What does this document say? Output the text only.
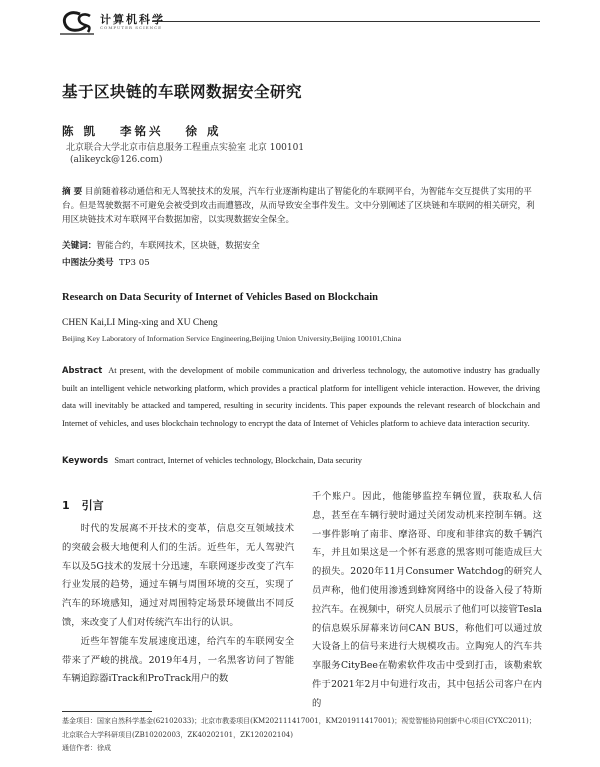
计算机科学
COMPUTER SCIENCE
基于区块链的车联网数据安全研究
陈 凯 李铭兴 徐 成
北京联合大学北京市信息服务工程重点实验室 北京 100101
(alikeyck@126.com)
摘 要 目前随着移动通信和无人驾驶技术的发展，汽车行业逐渐构建出了智能化的车联网平台，为智能车交互提供了实用的平台。但是驾驶数据不可避免会被受到攻击而遭篡改，从而导致安全事件发生。文中分别阐述了区块链和车联网的相关研究，利用区块链技术对车联网平台数据加密，以实现数据安全保全。
关键词：智能合约，车联网技术，区块链，数据安全
中图法分类号 TP3 05
Research on Data Security of Internet of Vehicles Based on Blockchain
CHEN Kai,LI Ming-xing and XU Cheng
Beijing Key Laboratory of Information Service Engineering,Beijing Union University,Beijing 100101,China
Abstract At present, with the development of mobile communication and driverless technology, the automotive industry has gradually built an intelligent vehicle networking platform, which provides a practical platform for intelligent vehicle interaction. However, the driving data will inevitably be attacked and tampered, resulting in security incidents. This paper expounds the relevant research of blockchain and Internet of vehicles, and uses blockchain technology to encrypt the data of Internet of Vehicles platform to achieve data interaction security.
Keywords Smart contract, Internet of vehicles technology, Blockchain, Data security
1 引言

时代的发展离不开技术的变革，信息交互领域技术的突破会极大地便利人们的生活。近些年，无人驾驶汽车以及5G技术的发展十分迅速，车联网逐步改变了汽车行业发展的趋势，通过车辆与周围环境的交互，实现了汽车的环境感知，通过对周围特定场景环境做出不同反馈，来改变了人们对传统汽车出行的认识。

近些年智能车发展速度迅速，给汽车的车联网安全带来了严峻的挑战。2019年4月，一名黑客访问了智能车辆追踪器iTrack和ProTrack用户的数

千个账户。因此，他能够监控车辆位置，获取私人信息，甚至在车辆行驶时通过关闭发动机来控制车辆。这一事件影响了南非、摩洛哥、印度和菲律宾的数千辆汽车，并且如果这是一个怀有恶意的黑客则可能造成巨大的损失。2020年11月Consumer Watchdog的研究人员声称，他们使用渗透到蜂窝网络中的设备入侵了特斯拉汽车。在视频中，研究人员展示了他们可以接管Tesla的信息娱乐屏幕来访问CAN BUS，称他们可以通过放大设备上的信号来进行大规模攻击。立陶宛人的汽车共享服务CityBee在勒索软件攻击中受到打击，该勒索软件于2021年2月中旬进行攻击，其中包括公司客户在内的

基金项目：国家自然科学基金(62102033)；北京市教委项目(KM202111417001，KM201911417001)；视觉智能协同创新中心项目(CYXC2011)；北京联合大学科研项目(ZB10202003，ZK40202101，ZK120202104)

通信作者：徐成
